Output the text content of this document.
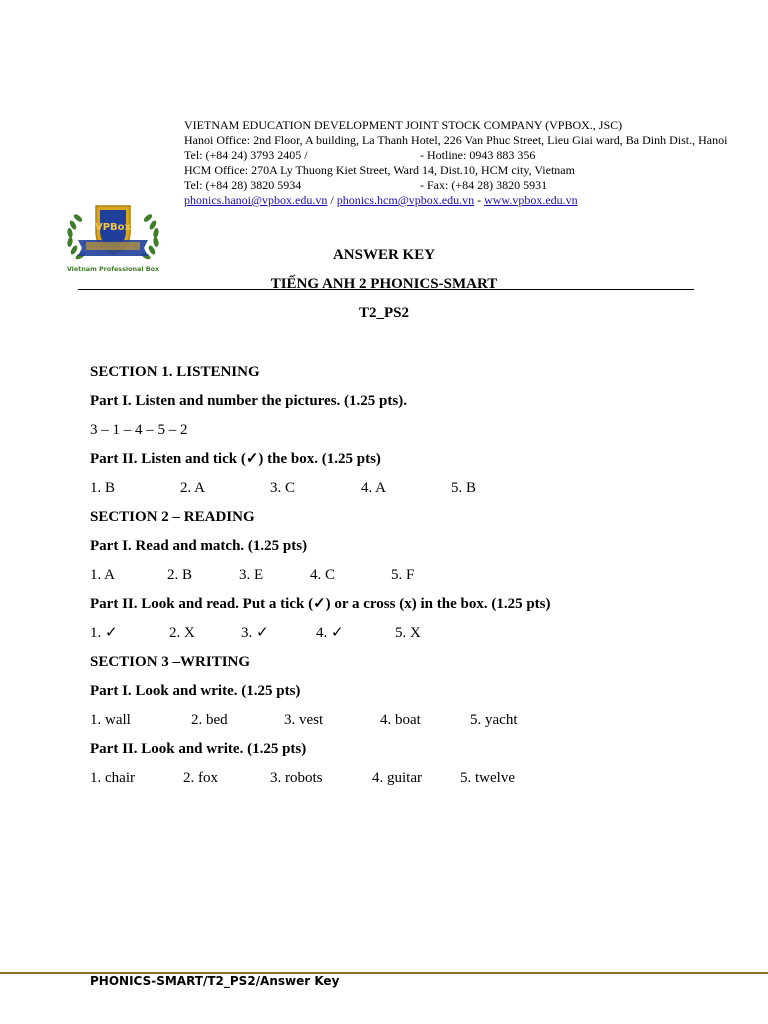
VIETNAM EDUCATION DEVELOPMENT JOINT STOCK COMPANY (VPBOX., JSC)
Hanoi Office: 2nd Floor, A building, La Thanh Hotel, 226 Van Phuc Street, Lieu Giai ward, Ba Dinh Dist., Hanoi
Tel: (+84 24) 3793 2405 /	- Hotline: 0943 883 356
HCM Office: 270A Ly Thuong Kiet Street, Ward 14, Dist.10, HCM city, Vietnam
Tel: (+84 28) 3820 5934	- Fax: (+84 28) 3820 5931
phonics.hanoi@vpbox.edu.vn / phonics.hcm@vpbox.edu.vn - www.vpbox.edu.vn
VPBox
Vietnam Professional Box
ANSWER KEY
TIẾNG ANH 2 PHONICS-SMART
T2_PS2
SECTION 1. LISTENING
Part I. Listen and number the pictures. (1.25 pts).
3 – 1 – 4 – 5 – 2
Part II. Listen and tick (✓) the box. (1.25 pts)
1. B	2. A	3. C	4. A	5. B
SECTION 2 – READING
Part I. Read and match. (1.25 pts)
1. A	2. B	3. E	4. C	5. F
Part II. Look and read. Put a tick (✓) or a cross (x) in the box. (1.25 pts)
1. ✓	2. X	3. ✓	4. ✓	5. X
SECTION 3 –WRITING
Part I. Look and write. (1.25 pts)
1. wall	2. bed	3. vest	4. boat	5. yacht
Part II. Look and write. (1.25 pts)
1. chair	2. fox	3. robots	4. guitar	5. twelve
PHONICS-SMART/T2_PS2/Answer Key
